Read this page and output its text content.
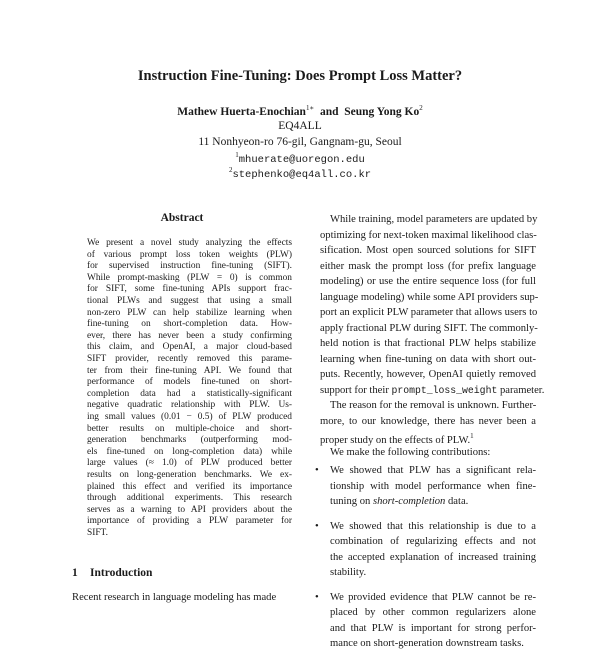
Instruction Fine-Tuning: Does Prompt Loss Matter?
Mathew Huerta-Enochian$^{1∗}$ and Seung Yong Ko$^2$
EQ4ALL
11 Nonhyeon-ro 76-gil, Gangnam-gu, Seoul
$^1$mhuerate@uoregon.edu
$^2$stephenko@eq4all.co.kr
Abstract
We present a novel study analyzing the effects
of various prompt loss token weights (PLW)
for supervised instruction fine-tuning (SIFT).
While prompt-masking (PLW = 0) is common
for SIFT, some fine-tuning APIs support frac-
tional PLWs and suggest that using a small
non-zero PLW can help stabilize learning when
fine-tuning on short-completion data. How-
ever, there has never been a study confirming
this claim, and OpenAI, a major cloud-based
SIFT provider, recently removed this parame-
ter from their fine-tuning API. We found that
performance of models fine-tuned on short-
completion data had a statistically-significant
negative quadratic relationship with PLW. Us-
ing small values (0.01 − 0.5) of PLW produced
better results on multiple-choice and short-
generation benchmarks (outperforming mod-
els fine-tuned on long-completion data) while
large values (≈ 1.0) of PLW produced better
results on long-generation benchmarks. We ex-
plained this effect and verified its importance
through additional experiments. This research
serves as a warning to API providers about the
importance of providing a PLW parameter for
SIFT.
1 Introduction
Recent research in language modeling has made
While training, model parameters are updated by
optimizing for next-token maximal likelihood clas-
sification. Most open sourced solutions for SIFT
either mask the prompt loss (for prefix language
modeling) or use the entire sequence loss (for full
language modeling) while some API providers sup-
port an explicit PLW parameter that allows users to
apply fractional PLW during SIFT. The commonly-
held notion is that fractional PLW helps stabilize
learning when fine-tuning on data with short out-
puts. Recently, however, OpenAI quietly removed
support for their prompt_loss_weight parameter.
The reason for the removal is unknown. Further-
more, to our knowledge, there has never been a
proper study on the effects of PLW.$^1$
We make the following contributions:
• We showed that PLW has a significant rela-
tionship with model performance when fine-
tuning on short-completion data.
• We showed that this relationship is due to a
combination of regularizing effects and not
the accepted explanation of increased training
stability.
• We provided evidence that PLW cannot be re-
placed by other common regularizers alone
and that PLW is important for strong perfor-
mance on short-generation downstream tasks.
